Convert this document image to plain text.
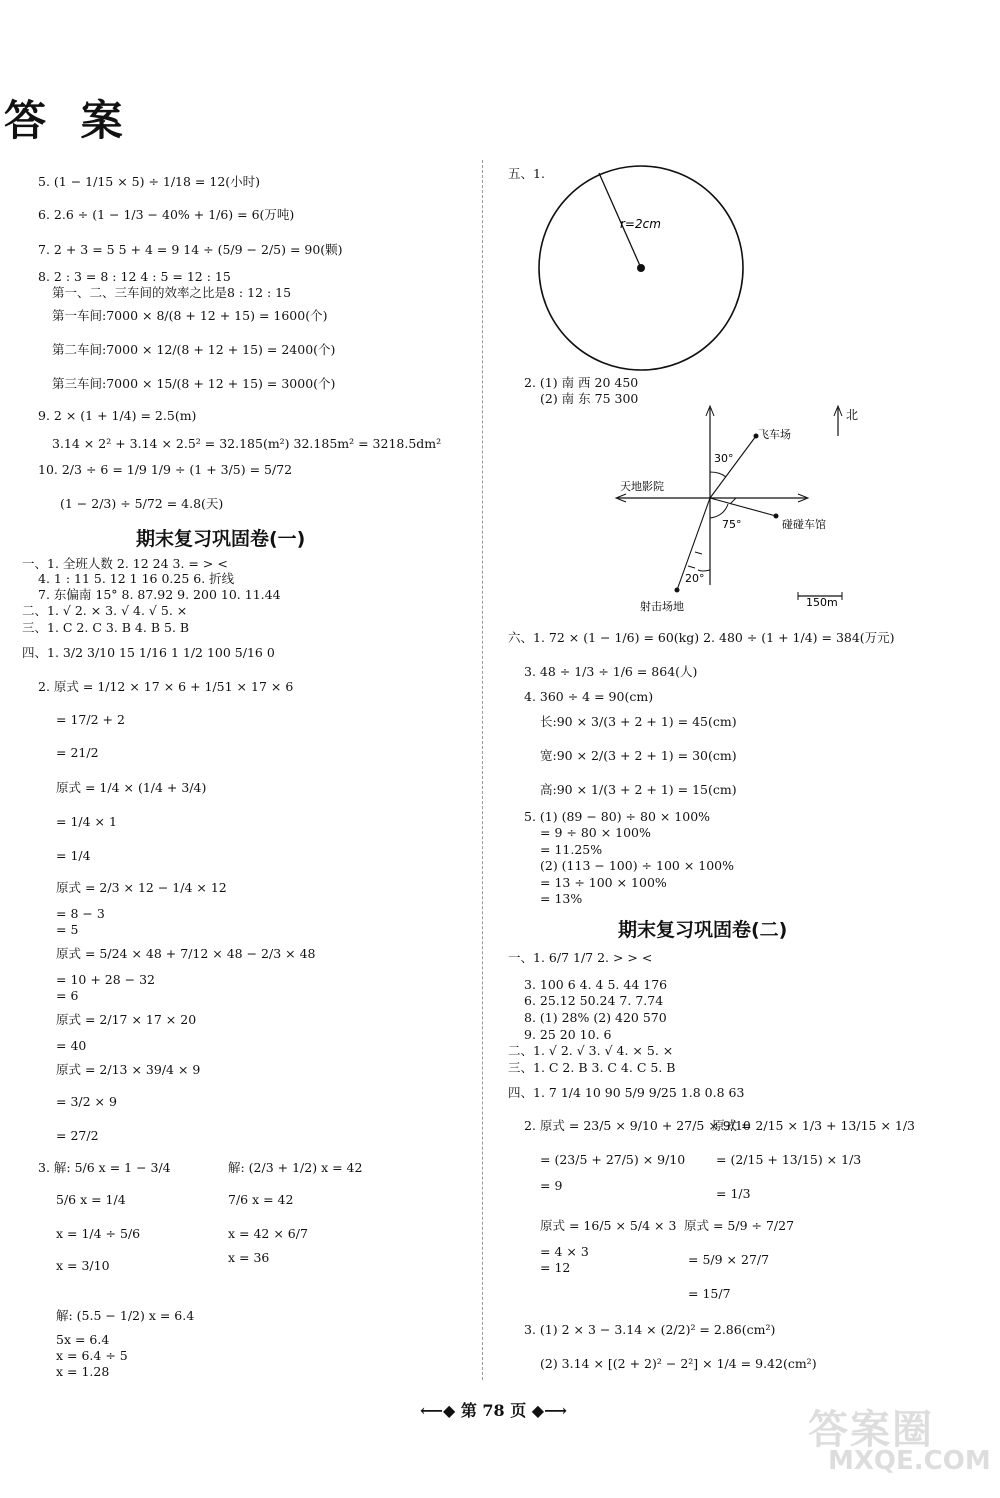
答 案
5. (1 − 1/15 × 5) ÷ 1/18 = 12(小时)
6. 2.6 ÷ (1 − 1/3 − 40% + 1/6) = 6(万吨)
7. 2 + 3 = 5 5 + 4 = 9 14 ÷ (5/9 − 2/5) = 90(颗)
8. 2 : 3 = 8 : 12 4 : 5 = 12 : 15
第一、二、三车间的效率之比是8 : 12 : 15
第一车间:7000 × 8/(8 + 12 + 15) = 1600(个)
第二车间:7000 × 12/(8 + 12 + 15) = 2400(个)
第三车间:7000 × 15/(8 + 12 + 15) = 3000(个)
9. 2 × (1 + 1/4) = 2.5(m)
3.14 × 2² + 3.14 × 2.5² = 32.185(m²) 32.185m² = 3218.5dm²
10. 2/3 ÷ 6 = 1/9 1/9 ÷ (1 + 3/5) = 5/72
(1 − 2/3) ÷ 5/72 = 4.8(天)
一、1. 全班人数 2. 12 24 3. = > <
4. 1 : 11 5. 12 1 16 0.25 6. 折线
7. 东偏南 15° 8. 87.92 9. 200 10. 11.44
二、1. √ 2. × 3. √ 4. √ 5. ×
三、1. C 2. C 3. B 4. B 5. B
四、1. 3/2 3/10 15 1/16 1 1/2 100 5/16 0
2. 原式 = 1/12 × 17 × 6 + 1/51 × 17 × 6
= 17/2 + 2
= 21/2
原式 = 1/4 × (1/4 + 3/4)
= 1/4 × 1
= 1/4
原式 = 2/3 × 12 − 1/4 × 12
= 8 − 3
= 5
原式 = 5/24 × 48 + 7/12 × 48 − 2/3 × 48
= 10 + 28 − 32
= 6
原式 = 2/17 × 17 × 20
= 40
原式 = 2/13 × 39/4 × 9
= 3/2 × 9
= 27/2
3. 解: 5/6 x = 1 − 3/4
5/6 x = 1/4
x = 1/4 ÷ 5/6
x = 3/10
解: (5.5 − 1/2) x = 6.4
5x = 6.4
x = 6.4 ÷ 5
x = 1.28
解: (2/3 + 1/2) x = 42
7/6 x = 42
x = 42 × 6/7
x = 36
五、1.
2. (1) 南 西 20 450
(2) 南 东 75 300
六、1. 72 × (1 − 1/6) = 60(kg) 2. 480 ÷ (1 + 1/4) = 384(万元)
3. 48 ÷ 1/3 ÷ 1/6 = 864(人)
4. 360 ÷ 4 = 90(cm)
长:90 × 3/(3 + 2 + 1) = 45(cm)
宽:90 × 2/(3 + 2 + 1) = 30(cm)
高:90 × 1/(3 + 2 + 1) = 15(cm)
5. (1) (89 − 80) ÷ 80 × 100%
= 9 ÷ 80 × 100%
= 11.25%
(2) (113 − 100) ÷ 100 × 100%
= 13 ÷ 100 × 100%
= 13%
一、1. 6/7 1/7 2. > > <
3. 100 6 4. 4 5. 44 176
6. 25.12 50.24 7. 7.74
8. (1) 28% (2) 420 570
9. 25 20 10. 6
二、1. √ 2. √ 3. √ 4. × 5. ×
三、1. C 2. B 3. C 4. C 5. B
四、1. 7 1/4 10 90 5/9 9/25 1.8 0.8 63
2. 原式 = 23/5 × 9/10 + 27/5 × 9/10
= (23/5 + 27/5) × 9/10
= 9
原式 = 16/5 × 5/4 × 3
= 4 × 3
= 12
原式 = 2/15 × 1/3 + 13/15 × 1/3
= (2/15 + 13/15) × 1/3
= 1/3
原式 = 5/9 ÷ 7/27
= 5/9 × 27/7
= 15/7
3. (1) 2 × 3 − 3.14 × (2/2)² = 2.86(cm²)
(2) 3.14 × [(2 + 2)² − 2²] × 1/4 = 9.42(cm²)
期末复习巩固卷(一)
期末复习巩固卷(二)
r=2cm
30°
75°
20°
飞车场
天地影院
碰碰车馆
射击场地	150m
北
⟵◆ 第 78 页 ◆⟶	答案圈
MXQE.COM
